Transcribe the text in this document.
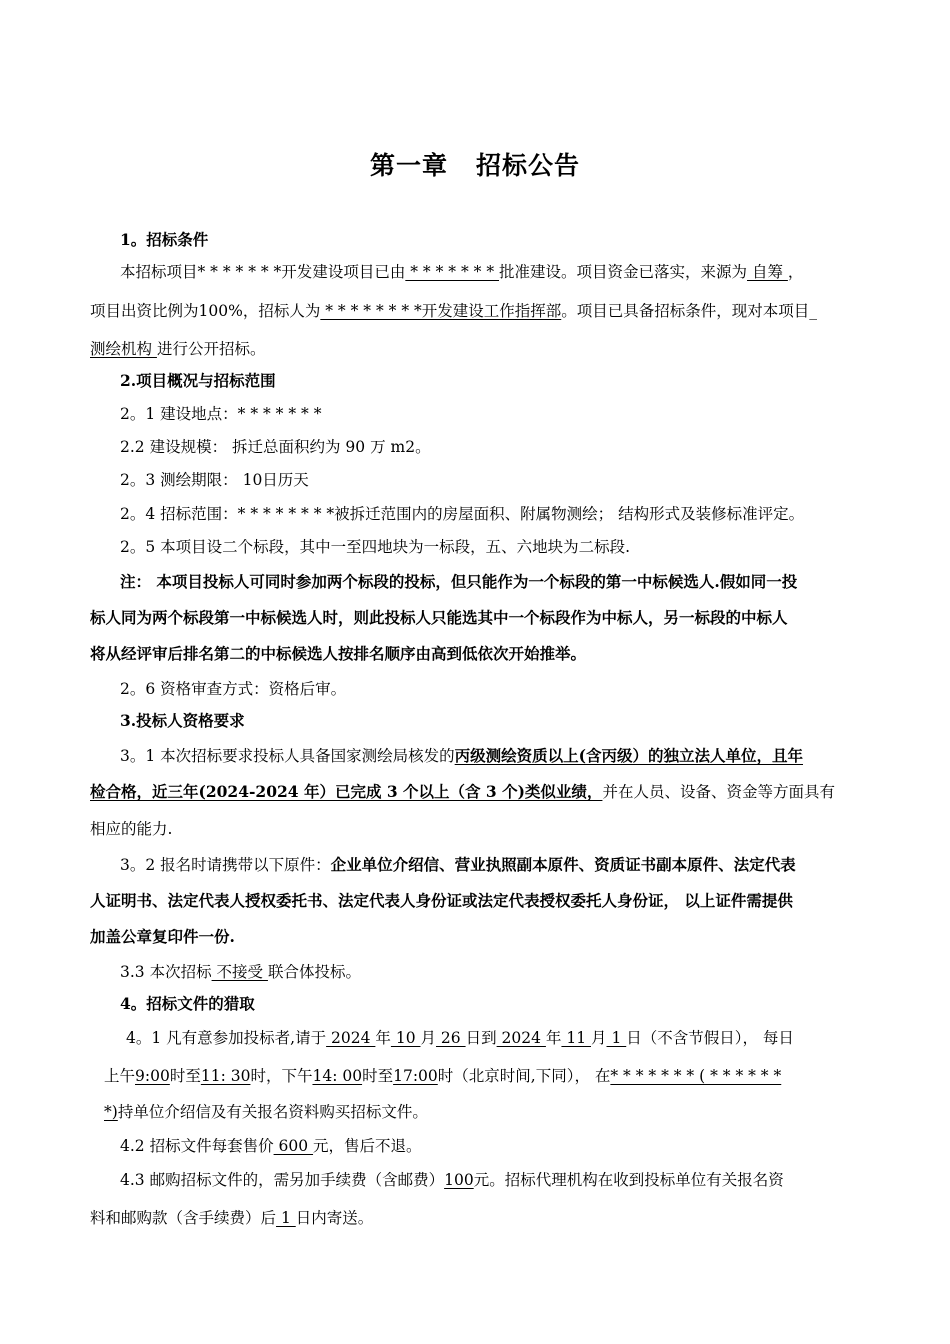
第一章 招标公告
1。招标条件
本招标项目* * * * * * *开发建设项目已由 * * * * * * * 批准建设。项目资金已落实，来源为 自筹 ，
项目出资比例为100%，招标人为 * * * * * * * *开发建设工作指挥部。项目已具备招标条件，现对本项目_
测绘机构 进行公开招标。
2.项目概况与招标范围
2。1 建设地点：* * * * * * *
2.2 建设规模： 拆迁总面积约为 90 万 m2。
2。3 测绘期限： 10日历天
2。4 招标范围：* * * * * * * *被拆迁范围内的房屋面积、附属物测绘； 结构形式及装修标准评定。
2。5 本项目设二个标段，其中一至四地块为一标段，五、六地块为二标段.
注： 本项目投标人可同时参加两个标段的投标，但只能作为一个标段的第一中标候选人.假如同一投
标人同为两个标段第一中标候选人时，则此投标人只能选其中一个标段作为中标人，另一标段的中标人
将从经评审后排名第二的中标候选人按排名顺序由高到低依次开始推举。
2。6 资格审查方式：资格后审。
3.投标人资格要求
3。1 本次招标要求投标人具备国家测绘局核发的丙级测绘资质以上(含丙级）的独立法人单位，且年
检合格，近三年(2024-2024 年）已完成 3 个以上（含 3 个)类似业绩，并在人员、设备、资金等方面具有
相应的能力.
3。2 报名时请携带以下原件：企业单位介绍信、营业执照副本原件、资质证书副本原件、法定代表
人证明书、法定代表人授权委托书、法定代表人身份证或法定代表授权委托人身份证， 以上证件需提供
加盖公章复印件一份.
3.3 本次招标 不接受 联合体投标。
4。招标文件的猎取
4。1 凡有意参加投标者,请于 2024 年 10 月 26 日到 2024 年 11 月 1 日（不含节假日）， 每日
上午9:00时至11: 30时，下午14: 00时至17:00时（北京时间,下同）， 在* * * * * * * ( * * * * * *
*)持单位介绍信及有关报名资料购买招标文件。
4.2 招标文件每套售价 600 元，售后不退。
4.3 邮购招标文件的，需另加手续费（含邮费）100元。招标代理机构在收到投标单位有关报名资
料和邮购款（含手续费）后 1 日内寄送。
